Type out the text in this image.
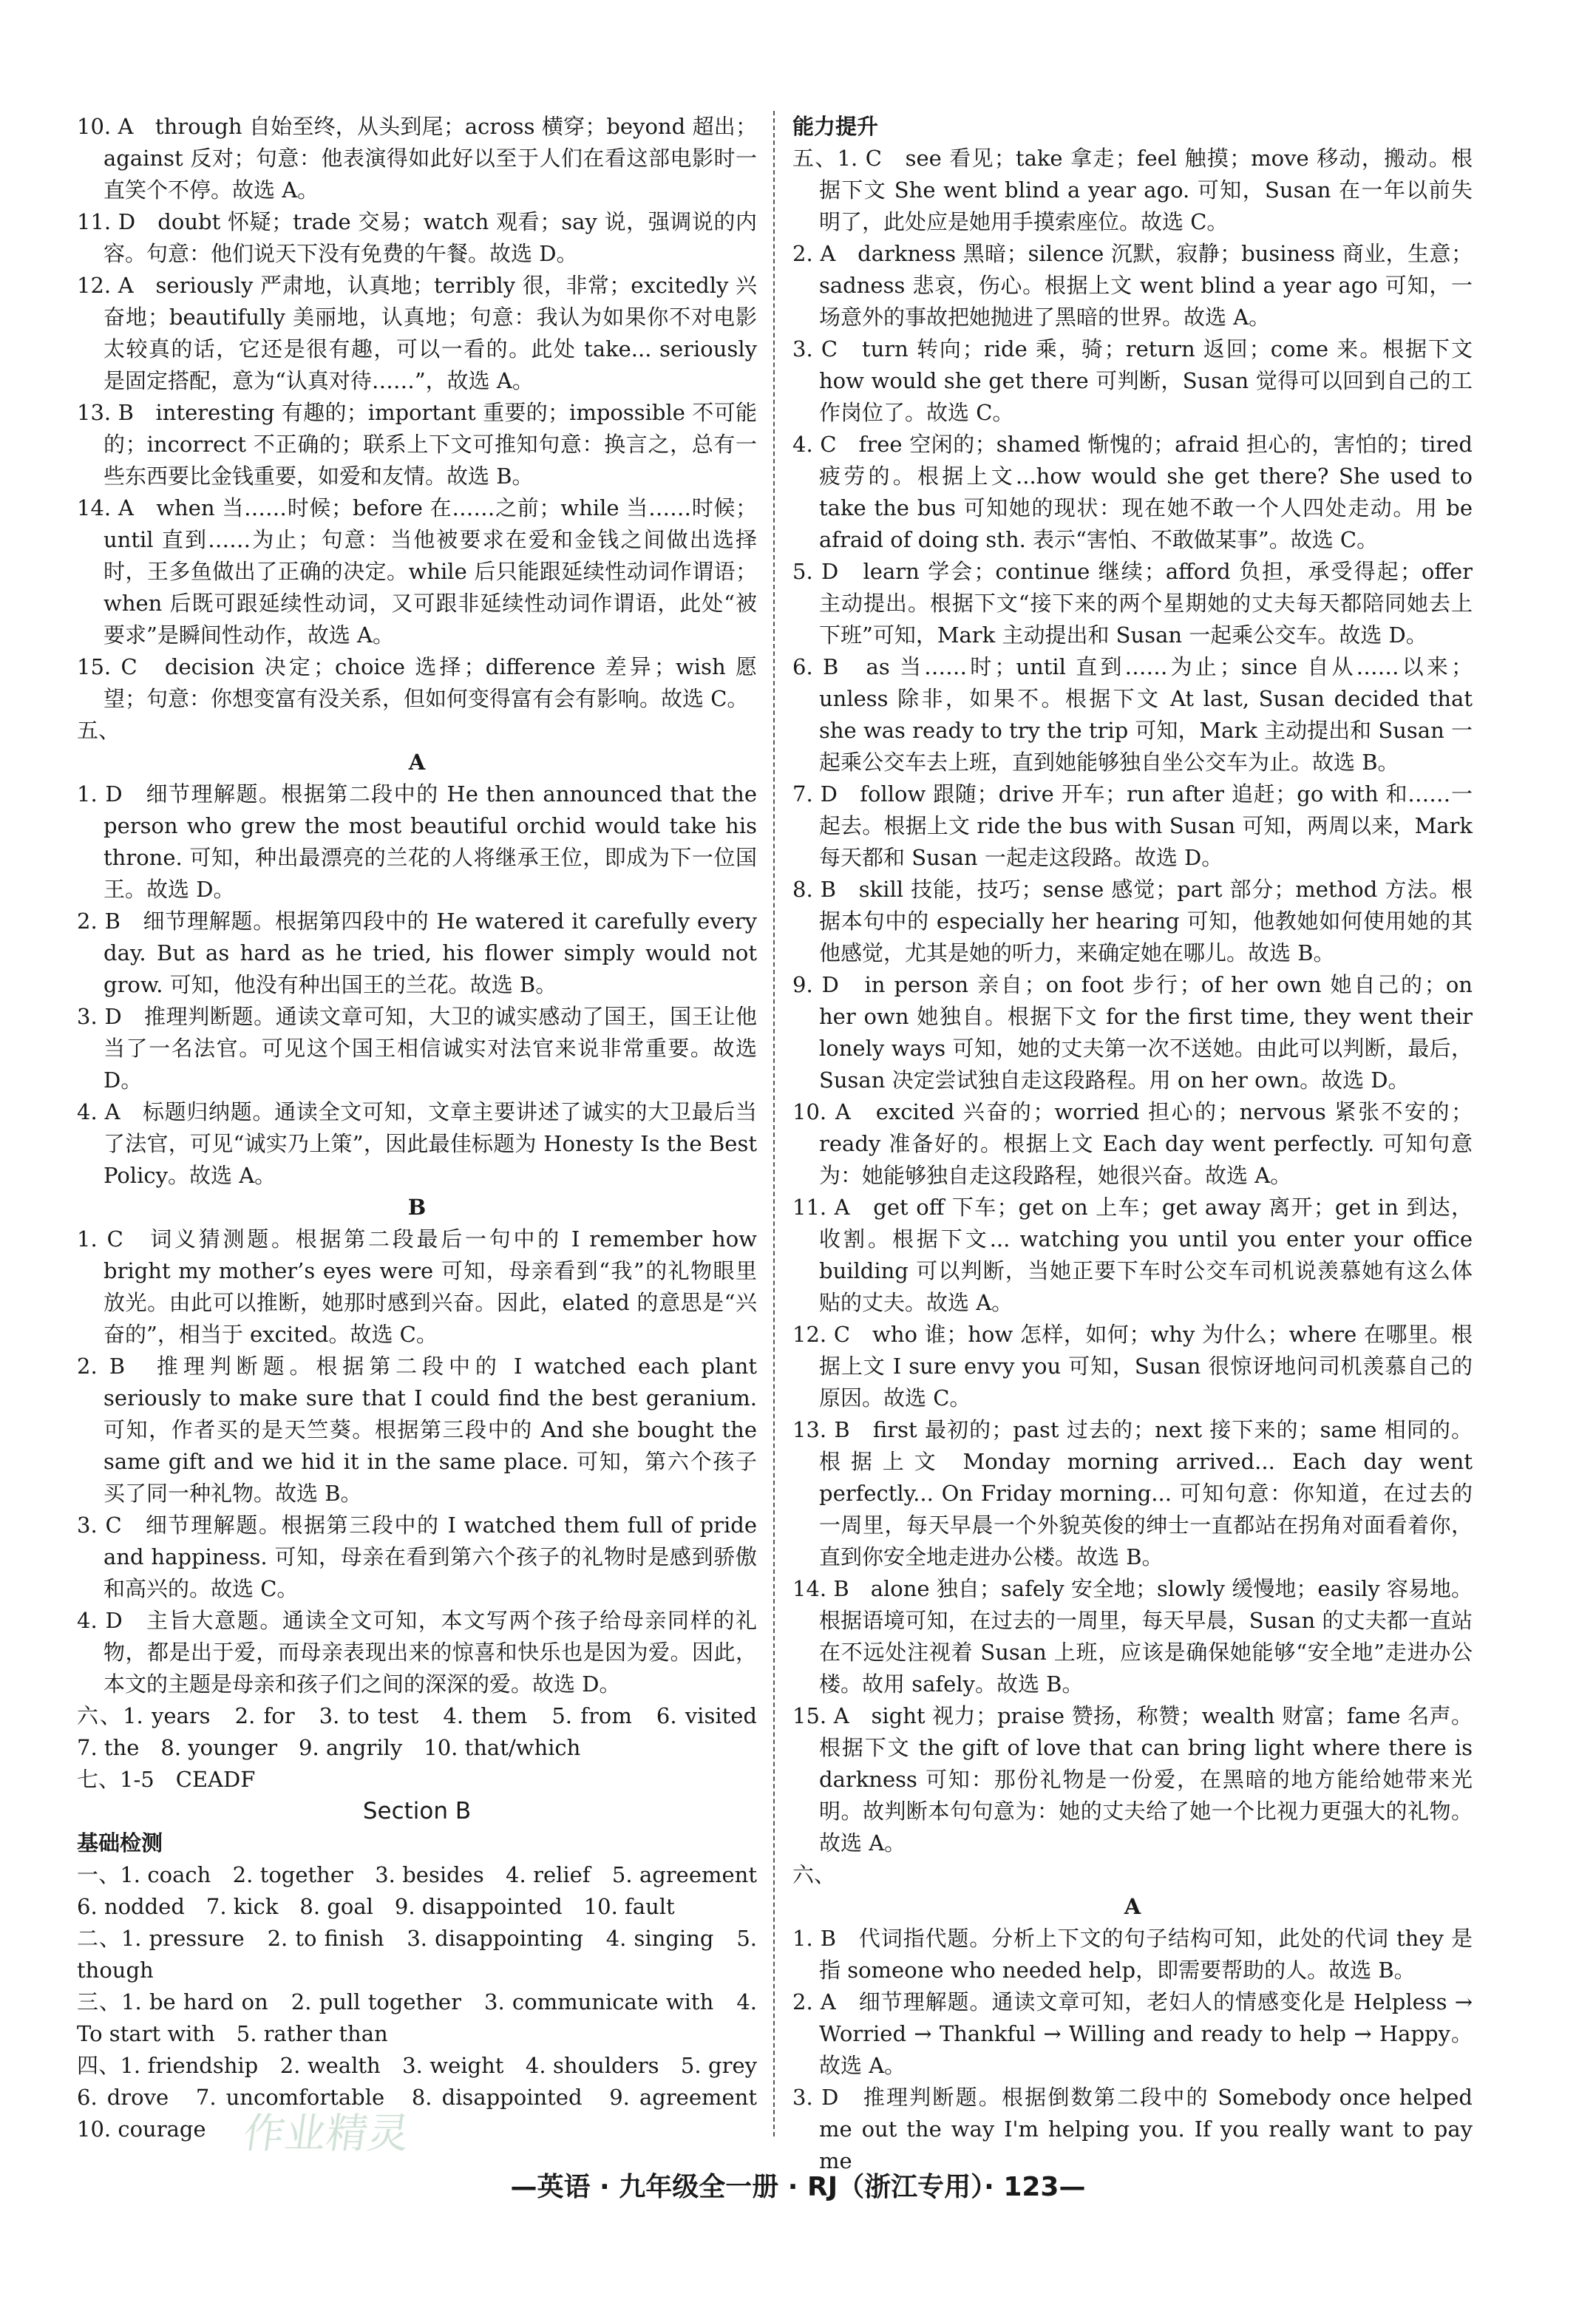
10. A　through 自始至终，从头到尾；across 横穿；beyond 超出；against 反对；句意：他表演得如此好以至于人们在看这部电影时一直笑个不停。故选 A。

11. D　doubt 怀疑；trade 交易；watch 观看；say 说，强调说的内容。句意：他们说天下没有免费的午餐。故选 D。

12. A　seriously 严肃地，认真地；terribly 很，非常；excitedly 兴奋地；beautifully 美丽地，认真地；句意：我认为如果你不对电影太较真的话，它还是很有趣，可以一看的。此处 take... seriously 是固定搭配，意为“认真对待……”，故选 A。

13. B　interesting 有趣的；important 重要的；impossible 不可能的；incorrect 不正确的；联系上下文可推知句意：换言之，总有一些东西要比金钱重要，如爱和友情。故选 B。

14. A　when 当……时候；before 在……之前；while 当……时候；until 直到……为止；句意：当他被要求在爱和金钱之间做出选择时，王多鱼做出了正确的决定。while 后只能跟延续性动词作谓语；when 后既可跟延续性动词，又可跟非延续性动词作谓语，此处“被要求”是瞬间性动作，故选 A。

15. C　decision 决定；choice 选择；difference 差异；wish 愿望；句意：你想变富有没关系，但如何变得富有会有影响。故选 C。

五、

A

1. D　细节理解题。根据第二段中的 He then announced that the person who grew the most beautiful orchid would take his throne. 可知，种出最漂亮的兰花的人将继承王位，即成为下一位国王。故选 D。

2. B　细节理解题。根据第四段中的 He watered it carefully every day. But as hard as he tried, his flower simply would not grow. 可知，他没有种出国王的兰花。故选 B。

3. D　推理判断题。通读文章可知，大卫的诚实感动了国王，国王让他当了一名法官。可见这个国王相信诚实对法官来说非常重要。故选 D。

4. A　标题归纳题。通读全文可知，文章主要讲述了诚实的大卫最后当了法官，可见“诚实乃上策”，因此最佳标题为 Honesty Is the Best Policy。故选 A。

B

1. C　词义猜测题。根据第二段最后一句中的 I remember how bright my mother’s eyes were 可知，母亲看到“我”的礼物眼里放光。由此可以推断，她那时感到兴奋。因此，elated 的意思是“兴奋的”，相当于 excited。故选 C。

2. B　推理判断题。根据第二段中的 I watched each plant seriously to make sure that I could find the best geranium. 可知，作者买的是天竺葵。根据第三段中的 And she bought the same gift and we hid it in the same place. 可知，第六个孩子买了同一种礼物。故选 B。

3. C　细节理解题。根据第三段中的 I watched them full of pride and happiness. 可知，母亲在看到第六个孩子的礼物时是感到骄傲和高兴的。故选 C。

4. D　主旨大意题。通读全文可知，本文写两个孩子给母亲同样的礼物，都是出于爱，而母亲表现出来的惊喜和快乐也是因为爱。因此，本文的主题是母亲和孩子们之间的深深的爱。故选 D。

六、1. years　2. for　3. to test　4. them　5. from　6. visited　7. the　8. younger　9. angrily　10. that/which

七、1-5　CEADF

Section B

基础检测

一、1. coach　2. together　3. besides　4. relief　5. agreement　6. nodded　7. kick　8. goal　9. disappointed　10. fault

二、1. pressure　2. to finish　3. disappointing　4. singing　5. though

三、1. be hard on　2. pull together　3. communicate with　4. To start with　5. rather than

四、1. friendship　2. wealth　3. weight　4. shoulders　5. grey　6. drove　7. uncomfortable　8. disappointed　9. agreement　10. courage

能力提升

五、1. C　see 看见；take 拿走；feel 触摸；move 移动，搬动。根据下文 She went blind a year ago. 可知，Susan 在一年以前失明了，此处应是她用手摸索座位。故选 C。

2. A　darkness 黑暗；silence 沉默，寂静；business 商业，生意；sadness 悲哀，伤心。根据上文 went blind a year ago 可知，一场意外的事故把她抛进了黑暗的世界。故选 A。

3. C　turn 转向；ride 乘，骑；return 返回；come 来。根据下文 how would she get there 可判断，Susan 觉得可以回到自己的工作岗位了。故选 C。

4. C　free 空闲的；shamed 惭愧的；afraid 担心的，害怕的；tired 疲劳的。根据上文...how would she get there? She used to take the bus 可知她的现状：现在她不敢一个人四处走动。用 be afraid of doing sth. 表示“害怕、不敢做某事”。故选 C。

5. D　learn 学会；continue 继续；afford 负担，承受得起；offer 主动提出。根据下文“接下来的两个星期她的丈夫每天都陪同她去上下班”可知，Mark 主动提出和 Susan 一起乘公交车。故选 D。

6. B　as 当……时；until 直到……为止；since 自从……以来；unless 除非，如果不。根据下文 At last, Susan decided that she was ready to try the trip 可知，Mark 主动提出和 Susan 一起乘公交车去上班，直到她能够独自坐公交车为止。故选 B。

7. D　follow 跟随；drive 开车；run after 追赶；go with 和……一起去。根据上文 ride the bus with Susan 可知，两周以来，Mark 每天都和 Susan 一起走这段路。故选 D。

8. B　skill 技能，技巧；sense 感觉；part 部分；method 方法。根据本句中的 especially her hearing 可知，他教她如何使用她的其他感觉，尤其是她的听力，来确定她在哪儿。故选 B。

9. D　in person 亲自；on foot 步行；of her own 她自己的；on her own 她独自。根据下文 for the first time, they went their lonely ways 可知，她的丈夫第一次不送她。由此可以判断，最后，Susan 决定尝试独自走这段路程。用 on her own。故选 D。

10. A　excited 兴奋的；worried 担心的；nervous 紧张不安的；ready 准备好的。根据上文 Each day went perfectly. 可知句意为：她能够独自走这段路程，她很兴奋。故选 A。

11. A　get off 下车；get on 上车；get away 离开；get in 到达，收割。根据下文... watching you until you enter your office building 可以判断，当她正要下车时公交车司机说羡慕她有这么体贴的丈夫。故选 A。

12. C　who 谁；how 怎样，如何；why 为什么；where 在哪里。根据上文 I sure envy you 可知，Susan 很惊讶地问司机羡慕自己的原因。故选 C。

13. B　first 最初的；past 过去的；next 接下来的；same 相同的。根据上文 Monday morning arrived... Each day went perfectly... On Friday morning... 可知句意：你知道，在过去的一周里，每天早晨一个外貌英俊的绅士一直都站在拐角对面看着你，直到你安全地走进办公楼。故选 B。

14. B　alone 独自；safely 安全地；slowly 缓慢地；easily 容易地。根据语境可知，在过去的一周里，每天早晨，Susan 的丈夫都一直站在不远处注视着 Susan 上班，应该是确保她能够“安全地”走进办公楼。故用 safely。故选 B。

15. A　sight 视力；praise 赞扬，称赞；wealth 财富；fame 名声。根据下文 the gift of love that can bring light where there is darkness 可知：那份礼物是一份爱，在黑暗的地方能给她带来光明。故判断本句句意为：她的丈夫给了她一个比视力更强大的礼物。故选 A。

六、

A

1. B　代词指代题。分析上下文的句子结构可知，此处的代词 they 是指 someone who needed help，即需要帮助的人。故选 B。

2. A　细节理解题。通读文章可知，老妇人的情感变化是 Helpless → Worried → Thankful → Willing and ready to help → Happy。故选 A。

3. D　推理判断题。根据倒数第二段中的 Somebody once helped me out the way I'm helping you. If you really want to pay me

作业精灵
—英语 · 九年级全一册 · RJ（浙江专用）· 123—
